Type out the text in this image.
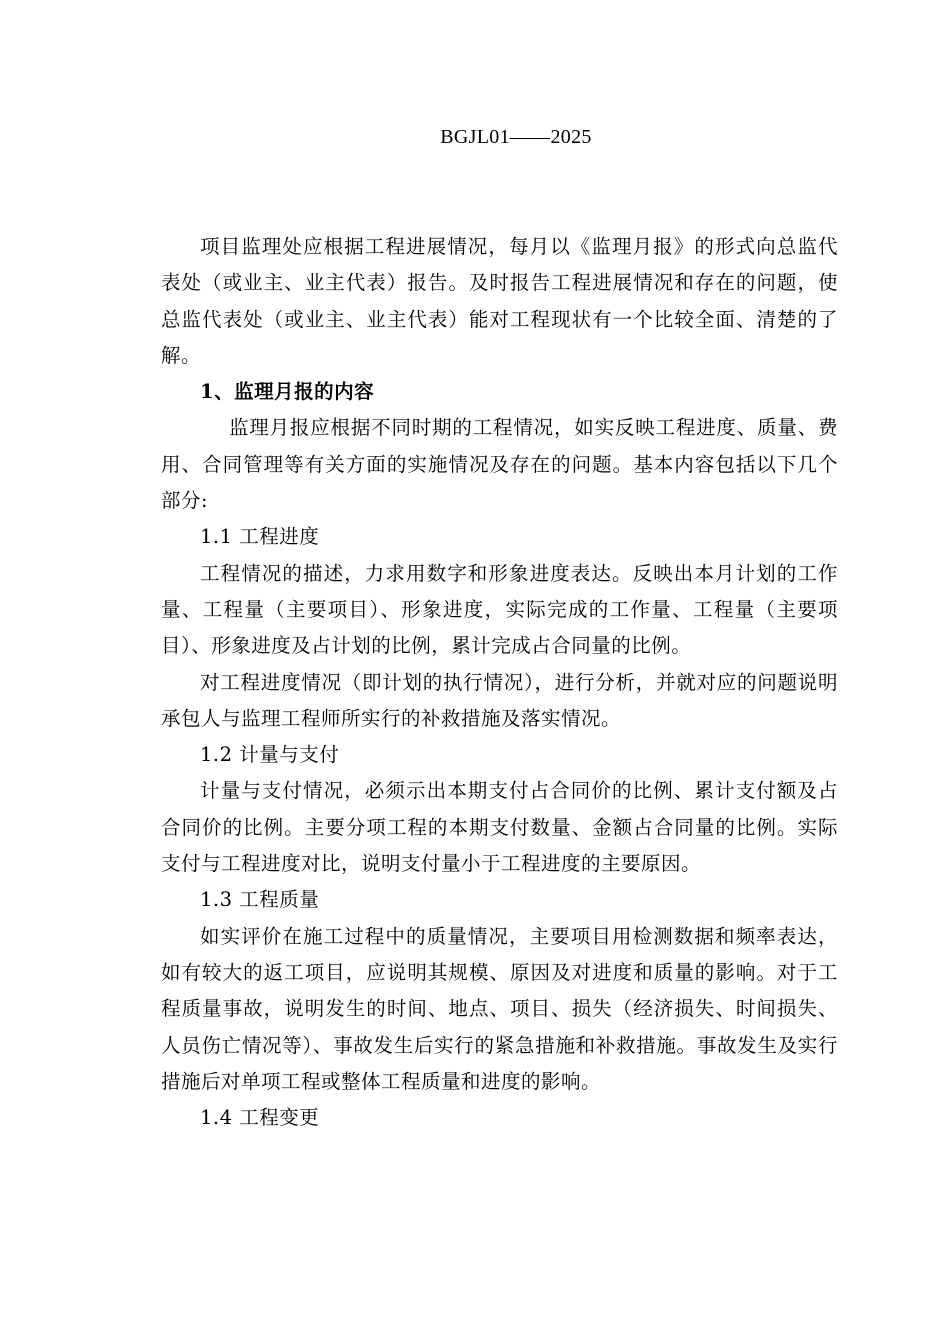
BGJL01——2025

项目监理处应根据工程进展情况，每月以《监理月报》的形式向总监代表处（或业主、业主代表）报告。及时报告工程进展情况和存在的问题，使总监代表处（或业主、业主代表）能对工程现状有一个比较全面、清楚的了解。

1、监理月报的内容

监理月报应根据不同时期的工程情况，如实反映工程进度、质量、费用、合同管理等有关方面的实施情况及存在的问题。基本内容包括以下几个部分:

1.1 工程进度

工程情况的描述，力求用数字和形象进度表达。反映出本月计划的工作量、工程量（主要项目）、形象进度，实际完成的工作量、工程量（主要项目）、形象进度及占计划的比例，累计完成占合同量的比例。

对工程进度情况（即计划的执行情况），进行分析，并就对应的问题说明承包人与监理工程师所实行的补救措施及落实情况。

1.2 计量与支付

计量与支付情况，必须示出本期支付占合同价的比例、累计支付额及占合同价的比例。主要分项工程的本期支付数量、金额占合同量的比例。实际支付与工程进度对比，说明支付量小于工程进度的主要原因。

1.3 工程质量

如实评价在施工过程中的质量情况，主要项目用检测数据和频率表达，如有较大的返工项目，应说明其规模、原因及对进度和质量的影响。对于工程质量事故，说明发生的时间、地点、项目、损失（经济损失、时间损失、人员伤亡情况等）、事故发生后实行的紧急措施和补救措施。事故发生及实行措施后对单项工程或整体工程质量和进度的影响。

1.4 工程变更
